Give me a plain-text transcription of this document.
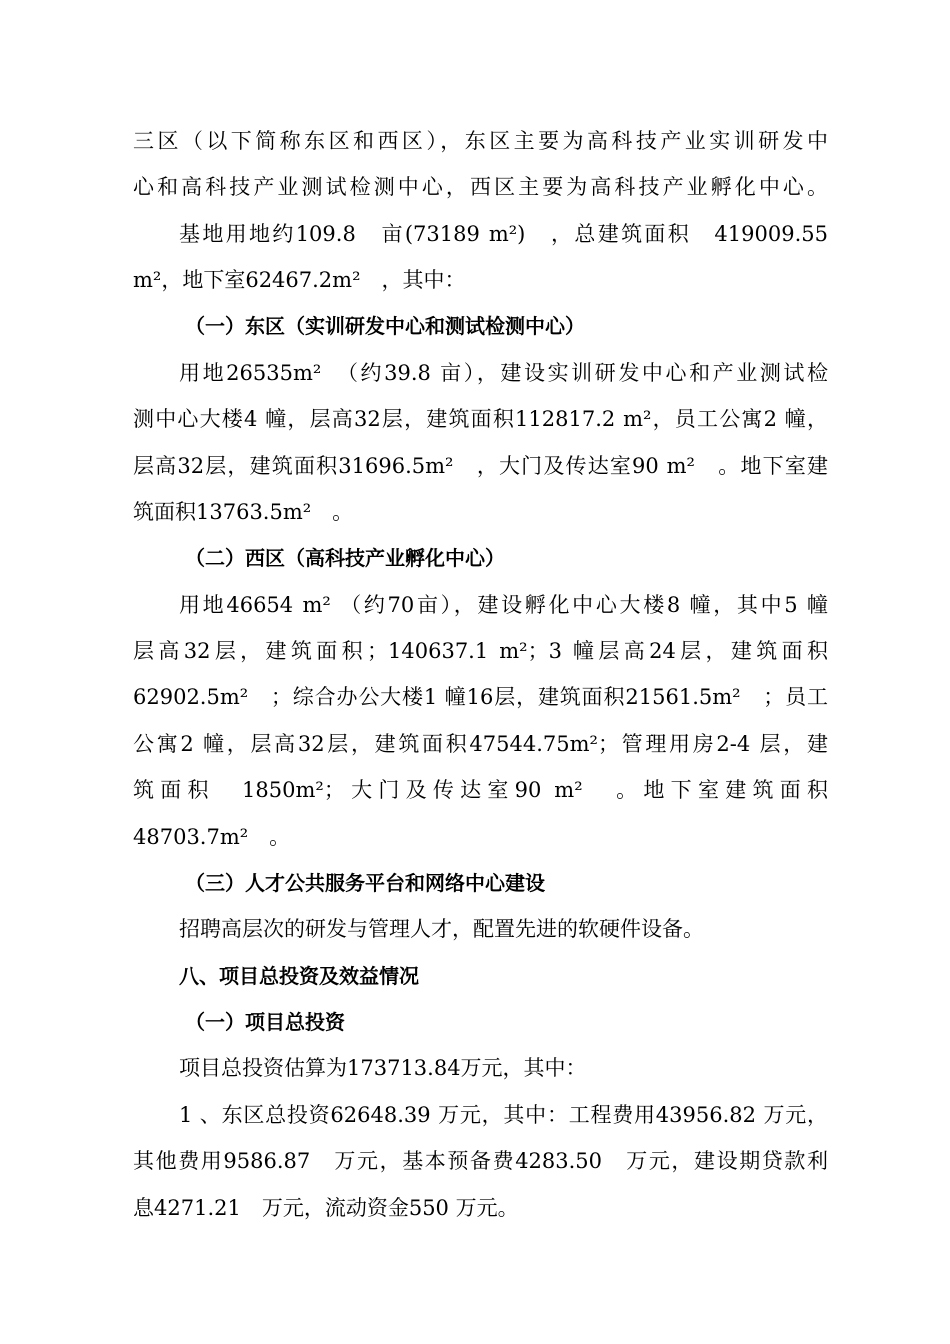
三区（以下简称东区和西区），东区主要为高科技产业实训研发中
心和高科技产业测试检测中心，西区主要为高科技产业孵化中心。
基地用地约109.8　亩(73189 m²)　，总建筑面积　419009.55
m²，地下室62467.2m²　，其中：
（一）东区（实训研发中心和测试检测中心）
用地26535m²　（约39.8 亩），建设实训研发中心和产业测试检
测中心大楼4 幢，层高32层，建筑面积112817.2 m²，员工公寓2 幢，
层高32层，建筑面积31696.5m²　，大门及传达室90 m²　。地下室建
筑面积13763.5m²　。
（二）西区（高科技产业孵化中心）
用地46654 m² （约70亩），建设孵化中心大楼8 幢，其中5 幢
层高32层，建筑面积；140637.1 m²；3 幢层高24层，建筑面积
62902.5m²　；综合办公大楼1 幢16层，建筑面积21561.5m²　；员工
公寓2 幢，层高32层，建筑面积47544.75m²；管理用房2-4 层，建
筑面积　1850m²；大门及传达室90 m²　。地下室建筑面积
48703.7m²　。
（三）人才公共服务平台和网络中心建设
招聘高层次的研发与管理人才，配置先进的软硬件设备。
八、项目总投资及效益情况
（一）项目总投资
项目总投资估算为173713.84万元，其中：
1 、东区总投资62648.39 万元，其中：工程费用43956.82 万元，
其他费用9586.87　万元，基本预备费4283.50　万元，建设期贷款利
息4271.21　万元，流动资金550 万元。
